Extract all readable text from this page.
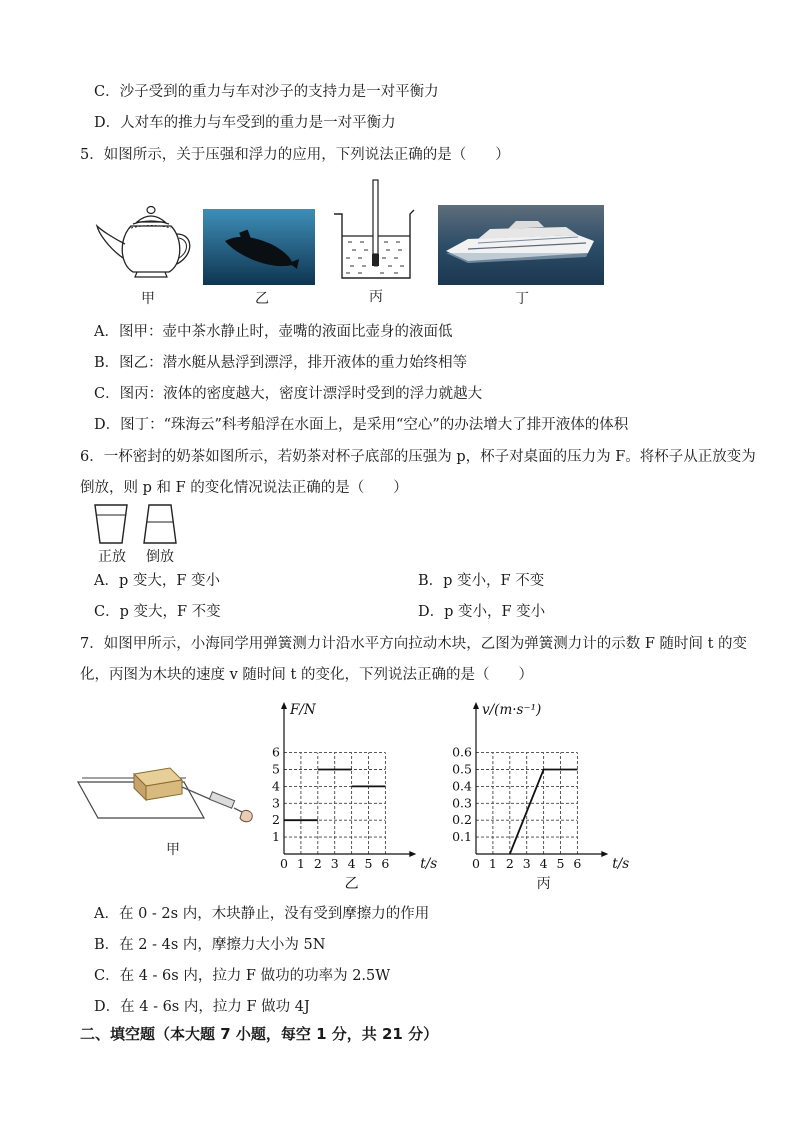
C．沙子受到的重力与车对沙子的支持力是一对平衡力
D．人对车的推力与车受到的重力是一对平衡力
5．如图所示，关于压强和浮力的应用，下列说法正确的是（　　）
甲	乙	丙	丁
A．图甲：壶中茶水静止时，壶嘴的液面比壶身的液面低
B．图乙：潜水艇从悬浮到漂浮，排开液体的重力始终相等
C．图丙：液体的密度越大，密度计漂浮时受到的浮力就越大
D．图丁：“珠海云”科考船浮在水面上，是采用“空心”的办法增大了排开液体的体积
6．一杯密封的奶茶如图所示，若奶茶对杯子底部的压强为 p，杯子对桌面的压力为 F。将杯子从正放变为
倒放，则 p 和 F 的变化情况说法正确的是（　　）
正放 倒放
A．p 变大，F 变小	B．p 变小，F 不变
C．p 变大，F 不变	D．p 变小，F 变小
7．如图甲所示，小海同学用弹簧测力计沿水平方向拉动木块，乙图为弹簧测力计的示数 F 随时间 t 的变
化，丙图为木块的速度 v 随时间 t 的变化，下列说法正确的是（　　）
甲
0 1 2 3 4 5 6
1
2
3
4
5
6
F/N
t/s
乙
0 1 2 3 4 5 6
0.1
0.2
0.3
0.4
0.5
0.6
v/(m·s⁻¹)
t/s
丙
A．在 0 - 2s 内，木块静止，没有受到摩擦力的作用
B．在 2 - 4s 内，摩擦力大小为 5N
C．在 4 - 6s 内，拉力 F 做功的功率为 2.5W
D．在 4 - 6s 内，拉力 F 做功 4J
二、填空题（本大题 7 小题，每空 1 分，共 21 分）
